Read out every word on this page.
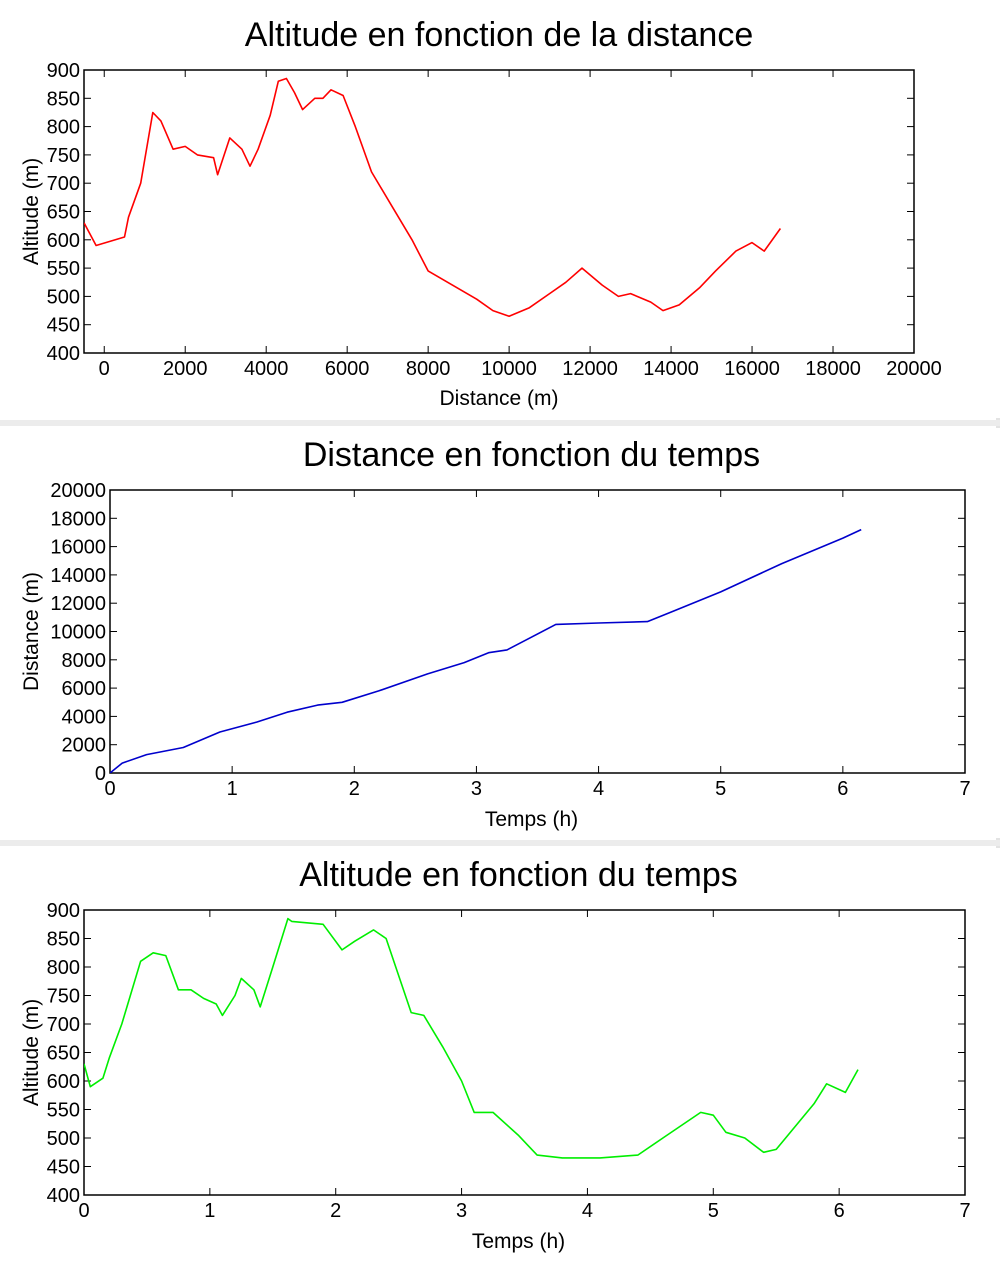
Altitude en fonction de la distance
0	2000 4000 6000 8000 10000 12000 14000 16000 18000 20000
400
450
500
550
600
650
700
750
800
850
900
Distance (m)
Altitude (m)
Distance en fonction du temps
0	1	2	3	4	5	6	7
0
2000
4000
6000
8000
10000
12000
14000
16000
18000
20000
Temps (h)
Distance (m)
Altitude en fonction du temps
0	1	2	3	4	5	6	7
400
450
500
550
600
650
700
750
800
850
900
Temps (h)
Altitude (m)
